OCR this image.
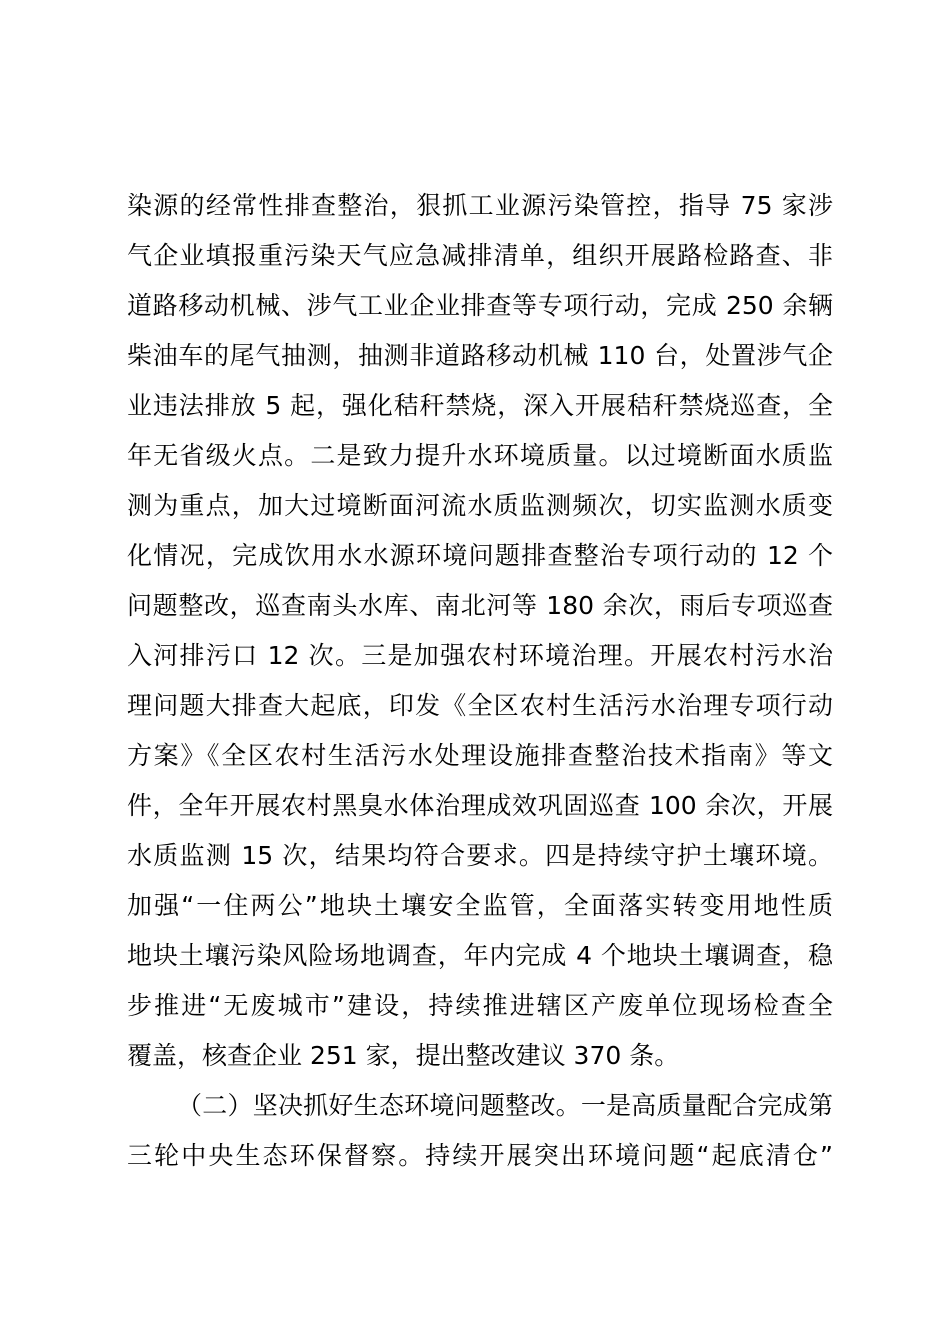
染源的经常性排查整治，狠抓工业源污染管控，指导 75 家涉
气企业填报重污染天气应急减排清单，组织开展路检路查、非
道路移动机械、涉气工业企业排查等专项行动，完成 250 余辆
柴油车的尾气抽测，抽测非道路移动机械 110 台，处置涉气企
业违法排放 5 起，强化秸秆禁烧，深入开展秸秆禁烧巡查，全
年无省级火点。二是致力提升水环境质量。以过境断面水质监
测为重点，加大过境断面河流水质监测频次，切实监测水质变
化情况，完成饮用水水源环境问题排查整治专项行动的 12 个
问题整改，巡查南头水库、南北河等 180 余次，雨后专项巡查
入河排污口 12 次。三是加强农村环境治理。开展农村污水治
理问题大排查大起底，印发《全区农村生活污水治理专项行动
方案》《全区农村生活污水处理设施排查整治技术指南》等文
件，全年开展农村黑臭水体治理成效巩固巡查 100 余次，开展
水质监测 15 次，结果均符合要求。四是持续守护土壤环境。
加强“一住两公”地块土壤安全监管，全面落实转变用地性质
地块土壤污染风险场地调查，年内完成 4 个地块土壤调查，稳
步推进“无废城市”建设，持续推进辖区产废单位现场检查全
覆盖，核查企业 251 家，提出整改建议 370 条。
（二）坚决抓好生态环境问题整改。一是高质量配合完成第
三轮中央生态环保督察。持续开展突出环境问题“起底清仓”
